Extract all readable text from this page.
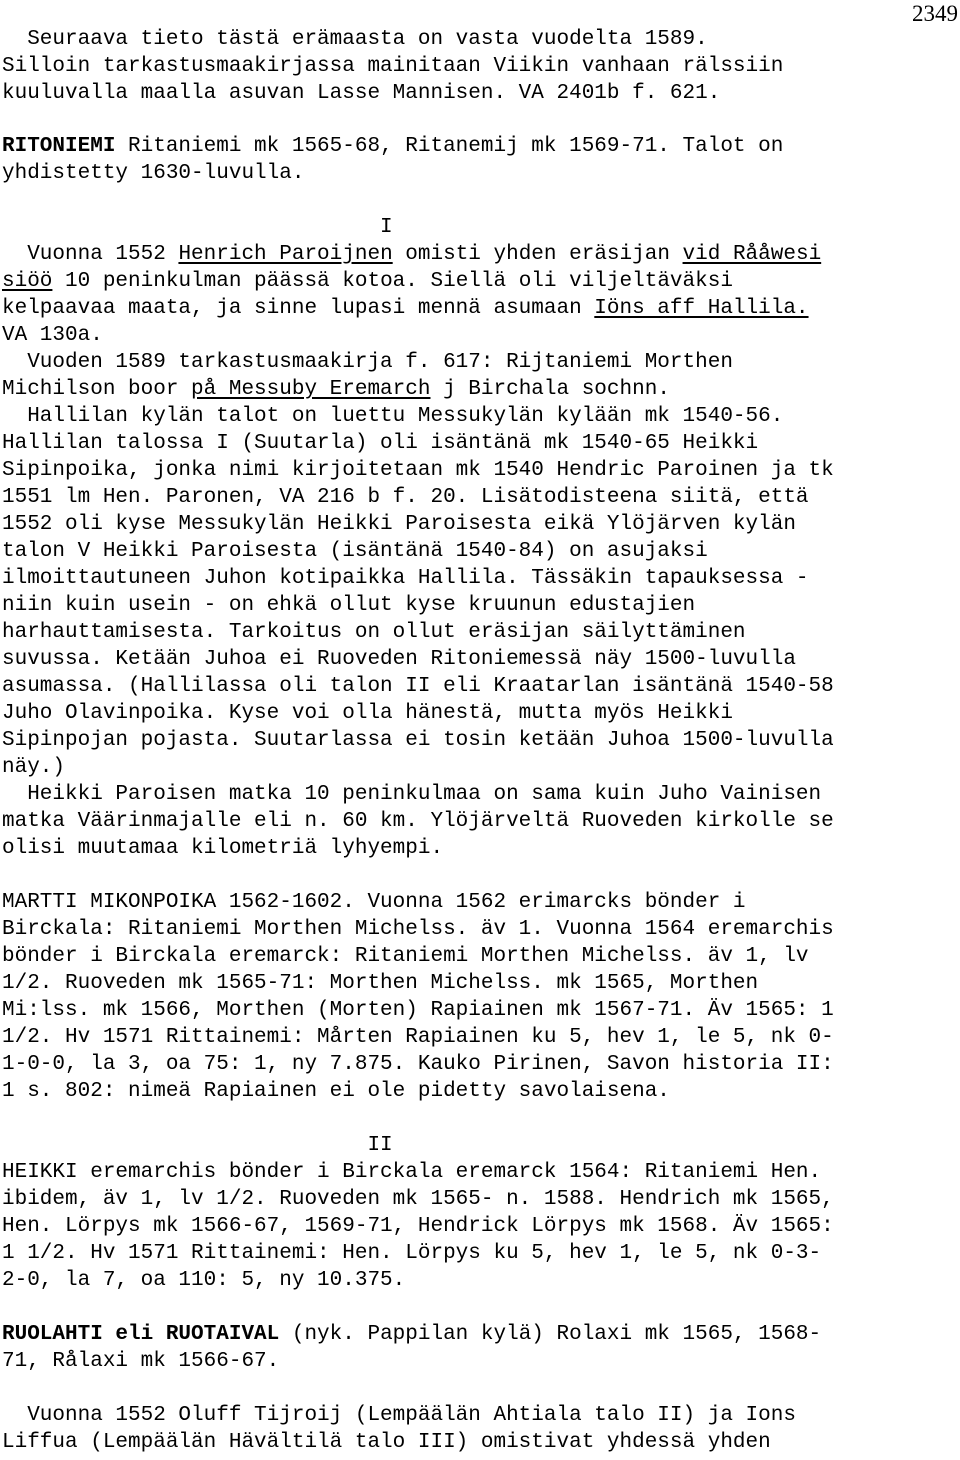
2349
Seuraava tieto tästä erämaasta on vasta vuodelta 1589.
Silloin tarkastusmaakirjassa mainitaan Viikin vanhaan rälssiin
kuuluvalla maalla asuvan Lasse Mannisen. VA 2401b f. 621.
RITONIEMI Ritaniemi mk 1565-68, Ritanemij mk 1569-71. Talot on
yhdistetty 1630-luvulla.
I
Vuonna 1552 Henrich Paroijnen omisti yhden eräsijan vid Rååwesi
siöö 10 peninkulman päässä kotoa. Siellä oli viljeltäväksi
kelpaavaa maata, ja sinne lupasi mennä asumaan Iöns aff Hallila.
VA 130a.
Vuoden 1589 tarkastusmaakirja f. 617: Rijtaniemi Morthen
Michilson boor på Messuby Eremarch j Birchala sochnn.
Hallilan kylän talot on luettu Messukylän kylään mk 1540-56.
Hallilan talossa I (Suutarla) oli isäntänä mk 1540-65 Heikki
Sipinpoika, jonka nimi kirjoitetaan mk 1540 Hendric Paroinen ja tk
1551 lm Hen. Paronen, VA 216 b f. 20. Lisätodisteena siitä, että
1552 oli kyse Messukylän Heikki Paroisesta eikä Ylöjärven kylän
talon V Heikki Paroisesta (isäntänä 1540-84) on asujaksi
ilmoittautuneen Juhon kotipaikka Hallila. Tässäkin tapauksessa -
niin kuin usein - on ehkä ollut kyse kruunun edustajien
harhauttamisesta. Tarkoitus on ollut eräsijan säilyttäminen
suvussa. Ketään Juhoa ei Ruoveden Ritoniemessä näy 1500-luvulla
asumassa. (Hallilassa oli talon II eli Kraatarlan isäntänä 1540-58
Juho Olavinpoika. Kyse voi olla hänestä, mutta myös Heikki
Sipinpojan pojasta. Suutarlassa ei tosin ketään Juhoa 1500-luvulla
näy.)
Heikki Paroisen matka 10 peninkulmaa on sama kuin Juho Vainisen
matka Väärinmajalle eli n. 60 km. Ylöjärveltä Ruoveden kirkolle se
olisi muutamaa kilometriä lyhyempi.
MARTTI MIKONPOIKA 1562-1602. Vuonna 1562 erimarcks bönder i
Birckala: Ritaniemi Morthen Michelss. äv 1. Vuonna 1564 eremarchis
bönder i Birckala eremarck: Ritaniemi Morthen Michelss. äv 1, lv
1/2. Ruoveden mk 1565-71: Morthen Michelss. mk 1565, Morthen
Mi:lss. mk 1566, Morthen (Morten) Rapiainen mk 1567-71. Äv 1565: 1
1/2. Hv 1571 Rittainemi: Mårten Rapiainen ku 5, hev 1, le 5, nk 0-
1-0-0, la 3, oa 75: 1, ny 7.875. Kauko Pirinen, Savon historia II:
1 s. 802: nimeä Rapiainen ei ole pidetty savolaisena.
II
HEIKKI eremarchis bönder i Birckala eremarck 1564: Ritaniemi Hen.
ibidem, äv 1, lv 1/2. Ruoveden mk 1565- n. 1588. Hendrich mk 1565,
Hen. Lörpys mk 1566-67, 1569-71, Hendrick Lörpys mk 1568. Äv 1565:
1 1/2. Hv 1571 Rittainemi: Hen. Lörpys ku 5, hev 1, le 5, nk 0-3-
2-0, la 7, oa 110: 5, ny 10.375.
RUOLAHTI eli RUOTAIVAL (nyk. Pappilan kylä) Rolaxi mk 1565, 1568-
71, Rålaxi mk 1566-67.
Vuonna 1552 Oluff Tijroij (Lempäälän Ahtiala talo II) ja Ions
Liffua (Lempäälän Hävältilä talo III) omistivat yhdessä yhden
